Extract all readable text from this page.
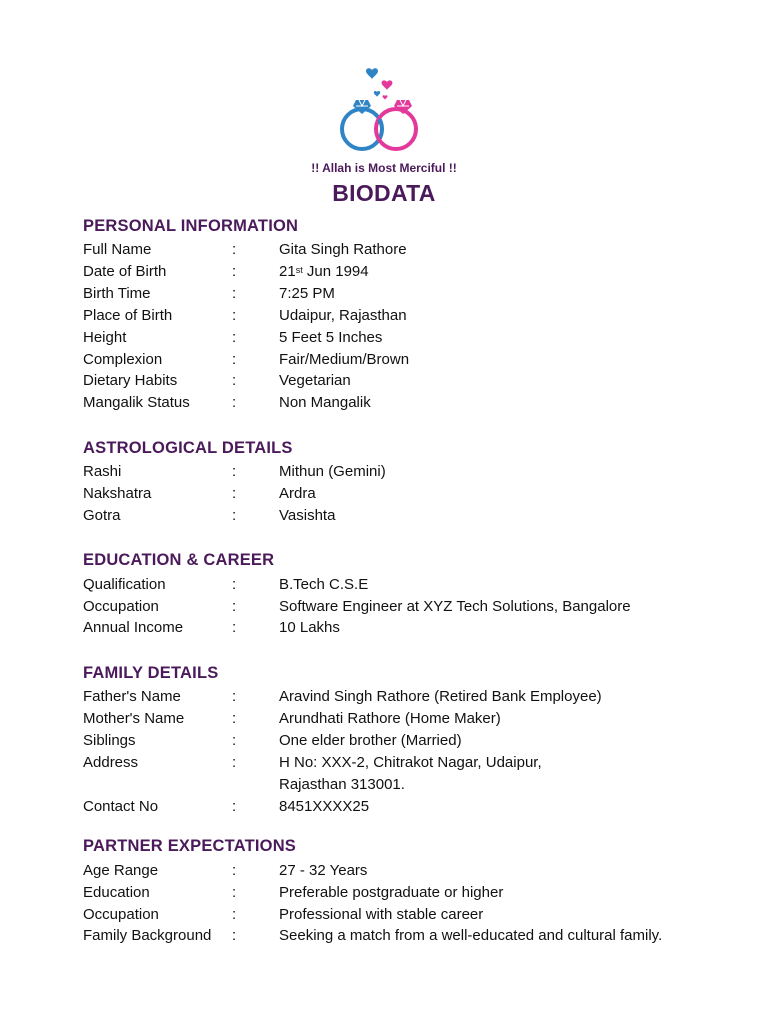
!! Allah is Most Merciful !!
BIODATA
PERSONAL INFORMATION
Full Name	:	Gita Singh Rathore
Date of Birth	:	21st Jun 1994
Birth Time	:	7:25 PM
Place of Birth	:	Udaipur, Rajasthan
Height	:	5 Feet 5 Inches
Complexion	:	Fair/Medium/Brown
Dietary Habits	:	Vegetarian
Mangalik Status	:	Non Mangalik
ASTROLOGICAL DETAILS
Rashi	:	Mithun (Gemini)
Nakshatra	:	Ardra
Gotra	:	Vasishta
EDUCATION & CAREER
Qualification	:	B.Tech C.S.E
Occupation	:	Software Engineer at XYZ Tech Solutions, Bangalore
Annual Income	:	10 Lakhs
FAMILY DETAILS
Father's Name	:	Aravind Singh Rathore (Retired Bank Employee)
Mother's Name	:	Arundhati Rathore (Home Maker)
Siblings	:	One elder brother (Married)
Address	:	H No: XXX-2, Chitrakot Nagar, Udaipur,
Rajasthan 313001.
Contact No	:	8451XXXX25
PARTNER EXPECTATIONS
Age Range	:	27 - 32 Years
Education	:	Preferable postgraduate or higher
Occupation	:	Professional with stable career
Family Background :	Seeking a match from a well-educated and cultural family.
